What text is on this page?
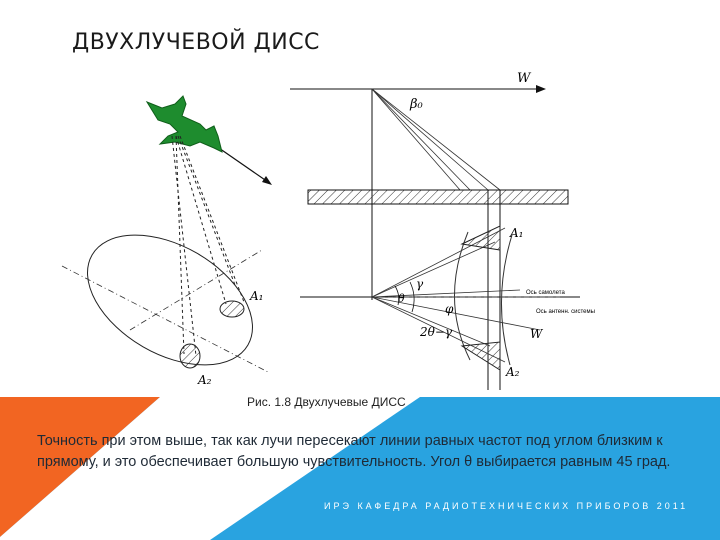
ДВУХЛУЧЕВОЙ ДИСС
A₁
A₂
W
β₀
A₁
A₂
γ
θ
φ
2θ−γ	W
Ось самолета
Ось антенн. системы
Рис. 1.8 Двухлучевые ДИСС
Точность при этом выше, так как лучи пересекают линии равных частот под углом близким к прямому, и это обеспечивает большую чувствительность. Угол θ выбирается равным 45 град.
ИРЭ КАФЕДРА РАДИОТЕХНИЧЕСКИХ ПРИБОРОВ 2011
